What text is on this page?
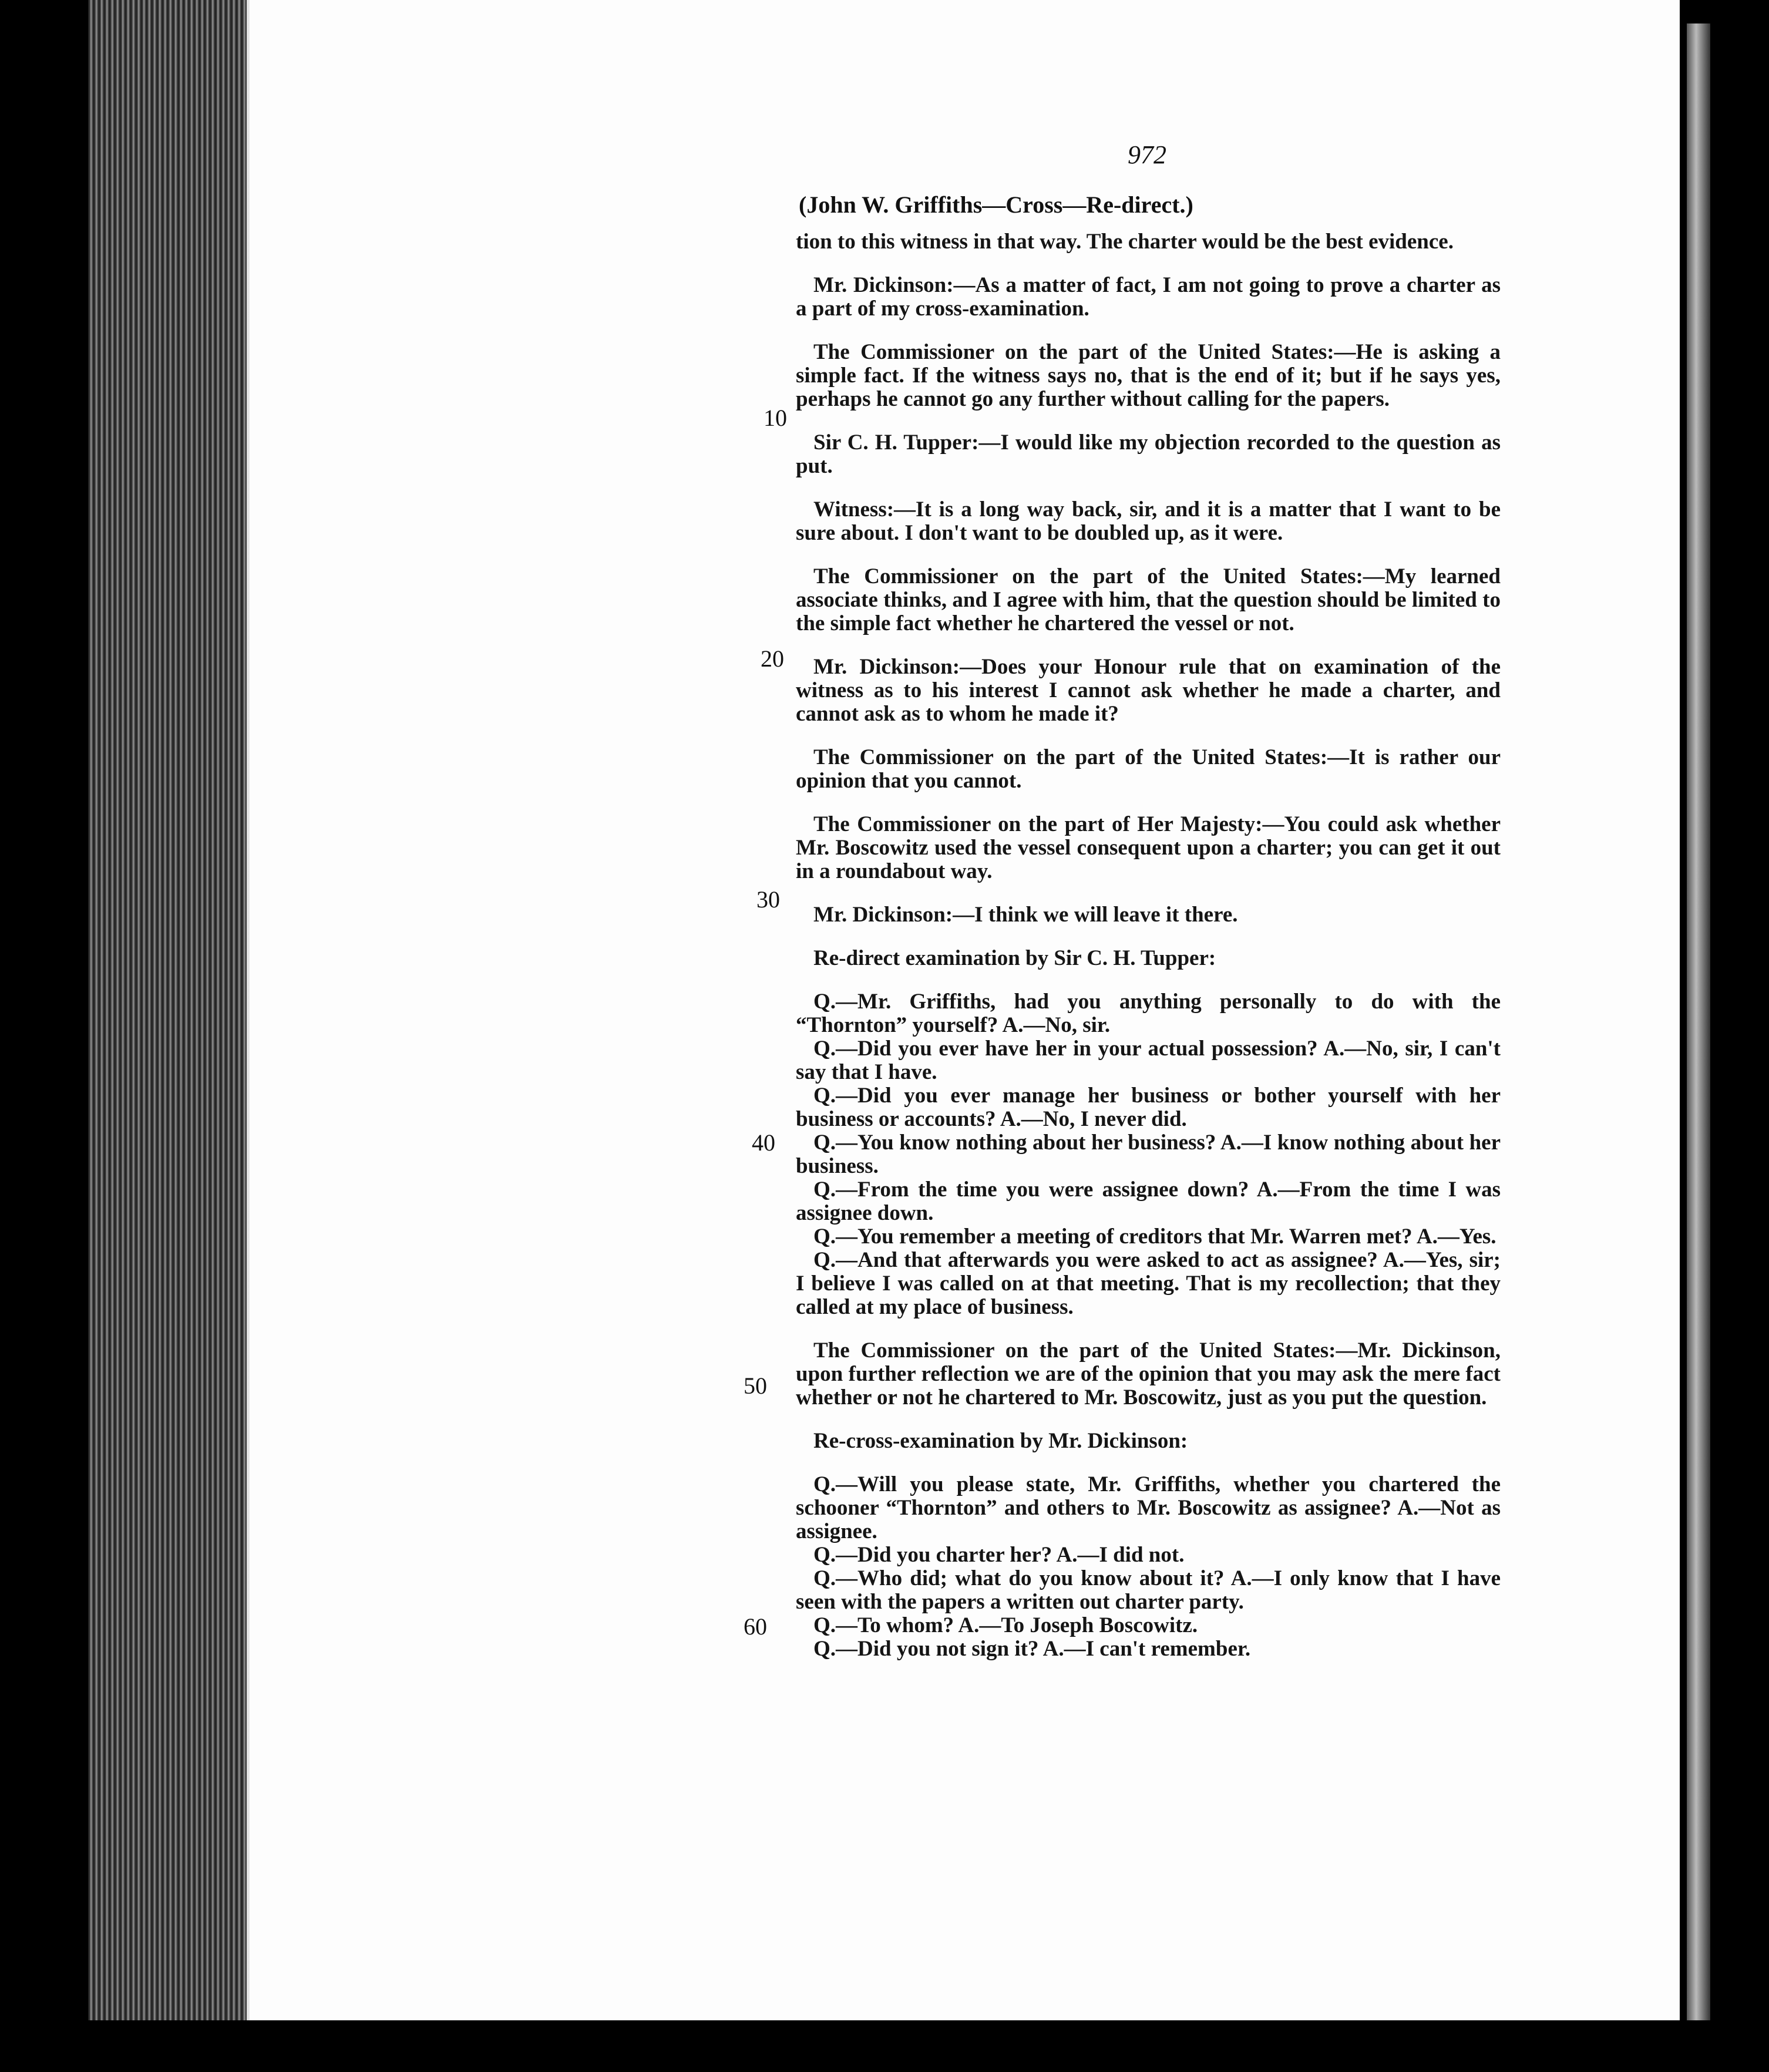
972
(John W. Griffiths—Cross—Re-direct.)
10
20
30
40
50
60

tion to this witness in that way. The charter would be the best evidence.

Mr. Dickinson:—As a matter of fact, I am not going to prove a charter as a part of my cross-examination.

The Commissioner on the part of the United States:—He is asking a simple fact. If the witness says no, that is the end of it; but if he says yes, perhaps he cannot go any further without calling for the papers.

Sir C. H. Tupper:—I would like my objection recorded to the question as put.

Witness:—It is a long way back, sir, and it is a matter that I want to be sure about. I don't want to be doubled up, as it were.

The Commissioner on the part of the United States:—My learned associate thinks, and I agree with him, that the question should be limited to the simple fact whether he chartered the vessel or not.

Mr. Dickinson:—Does your Honour rule that on examination of the witness as to his interest I cannot ask whether he made a charter, and cannot ask as to whom he made it?

The Commissioner on the part of the United States:—It is rather our opinion that you cannot.

The Commissioner on the part of Her Majesty:—You could ask whether Mr. Boscowitz used the vessel consequent upon a charter; you can get it out in a roundabout way.

Mr. Dickinson:—I think we will leave it there.

Re-direct examination by Sir C. H. Tupper:

Q.—Mr. Griffiths, had you anything personally to do with the “Thornton” yourself? A.—No, sir.

Q.—Did you ever have her in your actual possession? A.—No, sir, I can't say that I have.

Q.—Did you ever manage her business or bother yourself with her business or accounts? A.—No, I never did.

Q.—You know nothing about her business? A.—I know nothing about her business.

Q.—From the time you were assignee down? A.—From the time I was assignee down.

Q.—You remember a meeting of creditors that Mr. Warren met? A.—Yes.

Q.—And that afterwards you were asked to act as assignee? A.—Yes, sir; I believe I was called on at that meeting. That is my recollection; that they called at my place of business.

The Commissioner on the part of the United States:—Mr. Dickinson, upon further reflection we are of the opinion that you may ask the mere fact whether or not he chartered to Mr. Boscowitz, just as you put the question.

Re-cross-examination by Mr. Dickinson:

Q.—Will you please state, Mr. Griffiths, whether you chartered the schooner “Thornton” and others to Mr. Boscowitz as assignee? A.—Not as assignee.

Q.—Did you charter her? A.—I did not.

Q.—Who did; what do you know about it? A.—I only know that I have seen with the papers a written out charter party.

Q.—To whom? A.—To Joseph Boscowitz.

Q.—Did you not sign it? A.—I can't remember.
